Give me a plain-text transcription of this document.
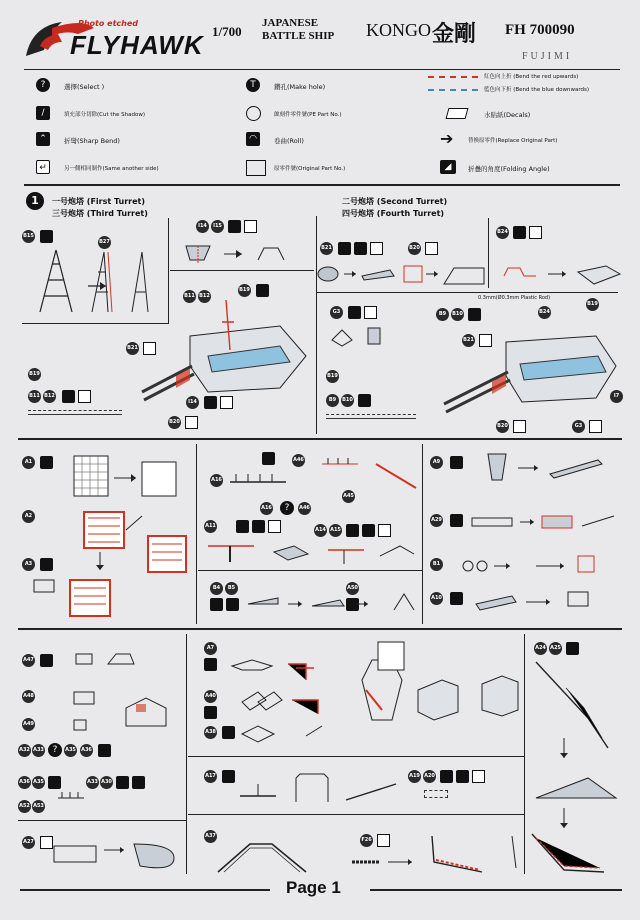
Photo etched
FLYHAWK 1/700
JAPANESE
BATTLE SHIP KONGO 金剛 FH 700090
FUJIMI
?	選擇(Select )	T	鑽孔(Make hole)
紅色向上折 (Bend the red upwards)
藍色向下折 (Bend the blue downwards)
/	填充部分切除(Cut the Shadow)	蝕刻件零件號(PE Part No.)	水貼紙(Decals)
⌃	折彎(Sharp Bend)	◠	卷曲(Roll)	➔	替換原零件(Replace Original Part)
↵	另一側相同制作(Same another side)	原零件號(Original Part No.)	◢	折疊的角度(Folding Angle)
1	一号炮塔 (First Turret)
三号炮塔 (Third Turret)
二号炮塔 (Second Turret)
四号炮塔 (Fourth Turret)
B15
B27
I14	I15
B11 B12
B19
B21
B19
B11 B12
I14
B20
B21	B20
B24
0.3mm(Ø0.3mm Plastic Rod)
G3	B9	B10
B19
B24
B21
B19
B9	B10
I7
B20	G3
A1
A2
A3
A46
A16
A45
A16	?	A46
A11
A14 A15
B4	B5	A50
A9
A29
B1
A10
A47
A48
A49
A32 A33 ?	A35 A36
A36 A35	A33 A30
A52 A53
A27
A7
A40
A38
A17	A19 A20
A37
F26
A24 A25
Page 1
